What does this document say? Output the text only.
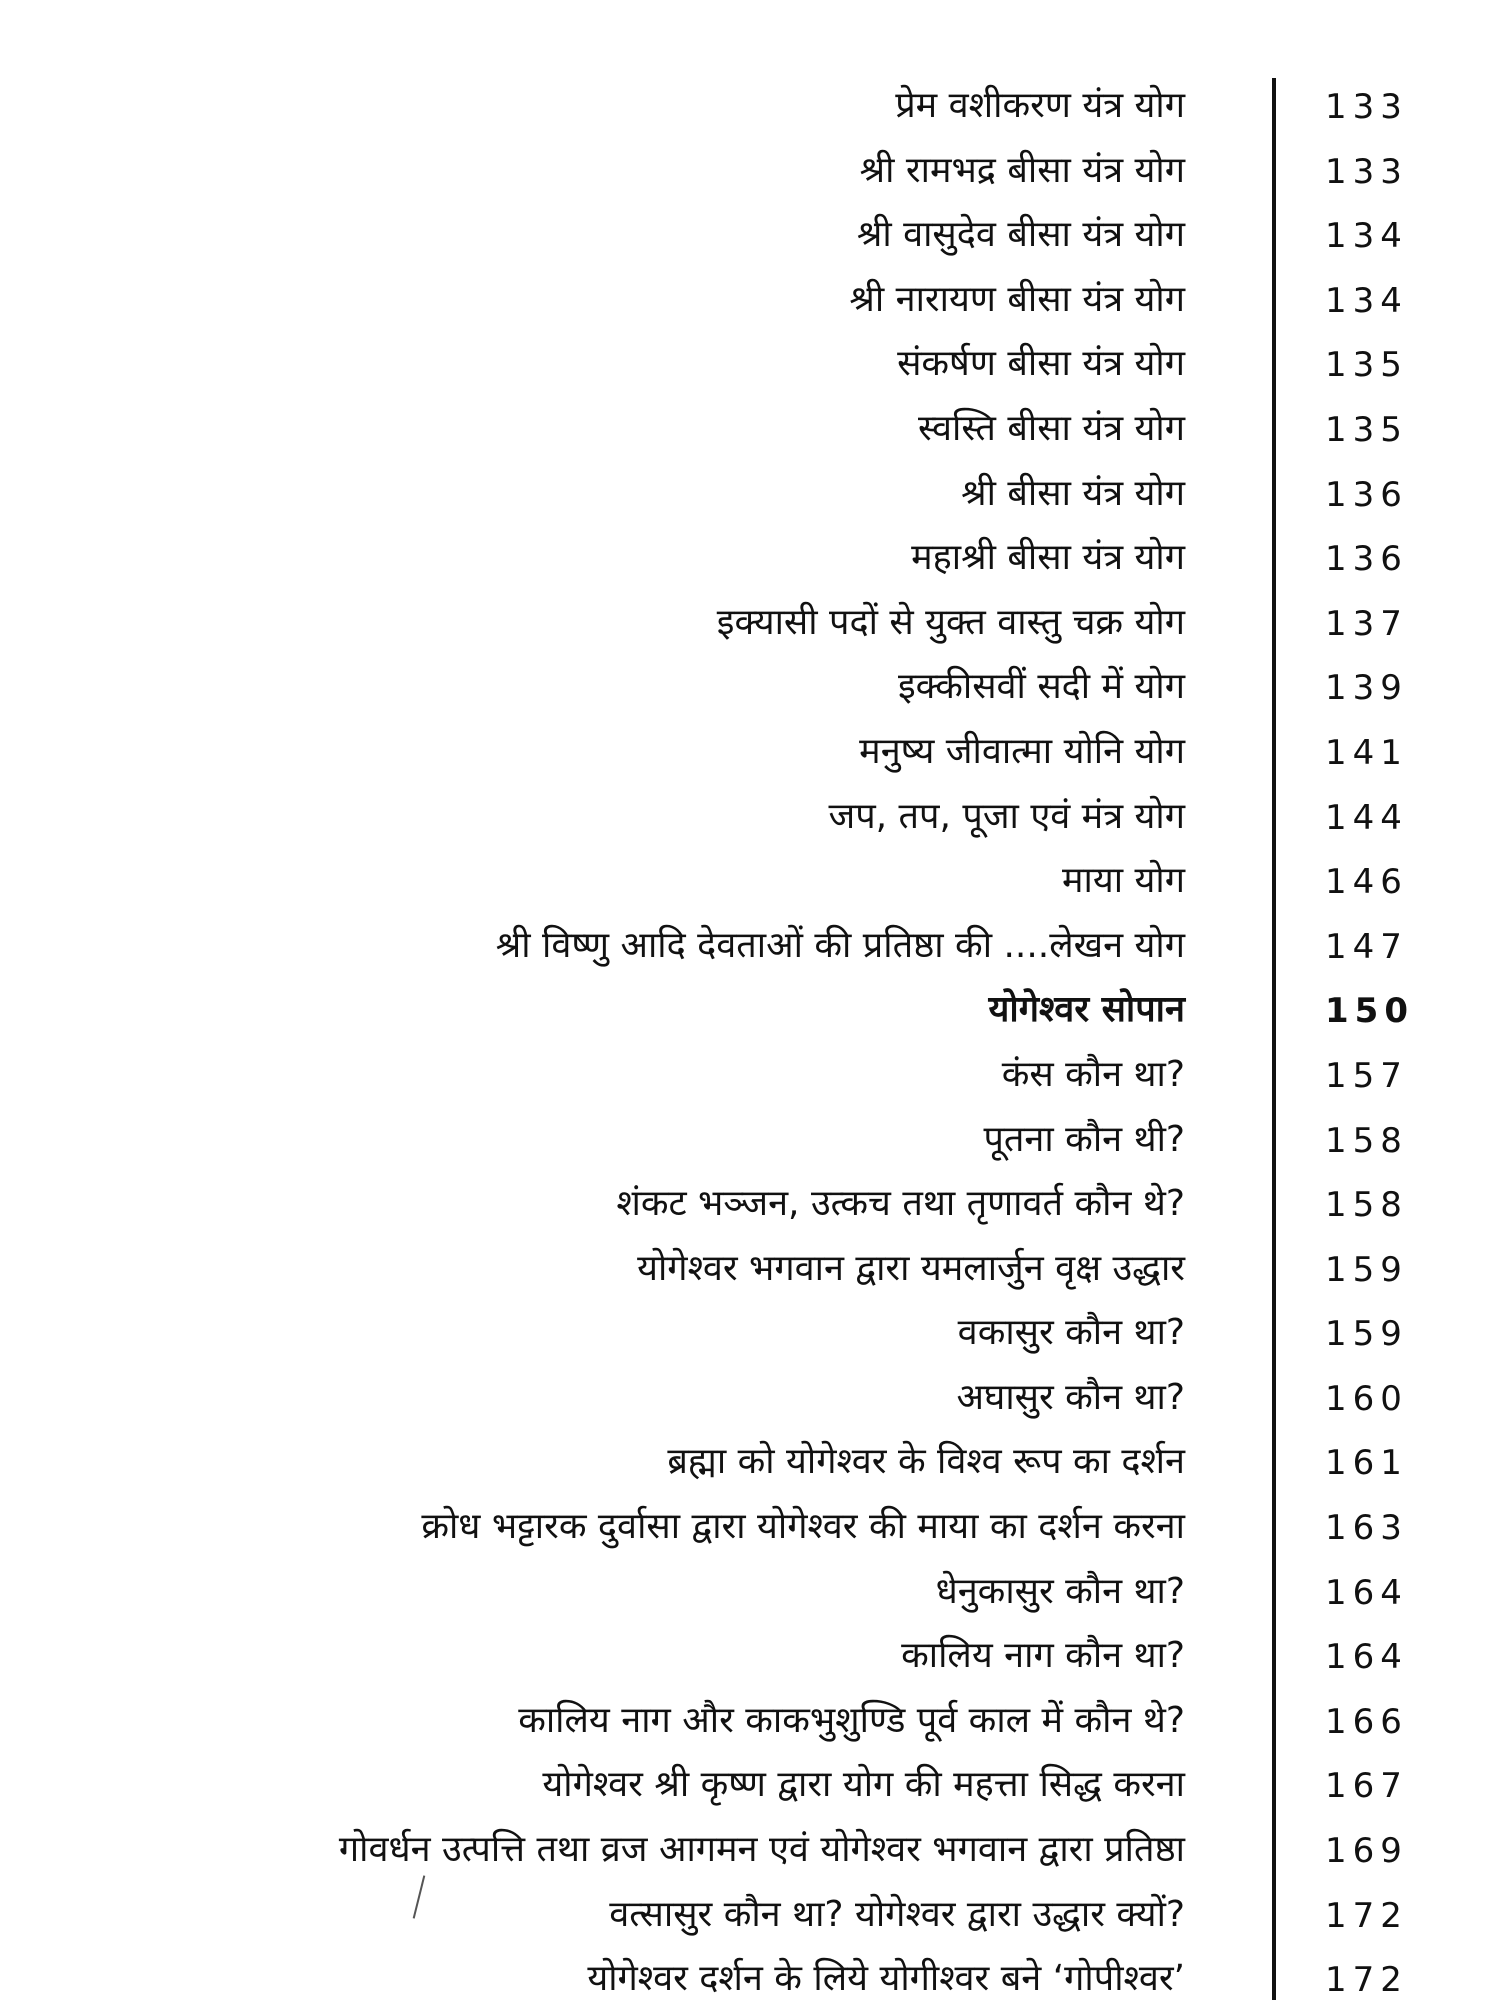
प्रेम वशीकरण यंत्र योग	133
श्री रामभद्र बीसा यंत्र योग	133
श्री वासुदेव बीसा यंत्र योग	134
श्री नारायण बीसा यंत्र योग	134
संकर्षण बीसा यंत्र योग	135
स्वस्ति बीसा यंत्र योग	135
श्री बीसा यंत्र योग	136
महाश्री बीसा यंत्र योग	136
इक्यासी पदों से युक्त वास्तु चक्र योग	137
इक्कीसवीं सदी में योग	139
मनुष्य जीवात्मा योनि योग	141
जप, तप, पूजा एवं मंत्र योग	144
माया योग	146
श्री विष्णु आदि देवताओं की प्रतिष्ठा की ....लेखन योग	147
योगेश्वर सोपान	150
कंस कौन था?	157
पूतना कौन थी?	158
शंकट भञ्जन, उत्कच तथा तृणावर्त कौन थे?	158
योगेश्वर भगवान द्वारा यमलार्जुन वृक्ष उद्धार	159
वकासुर कौन था?	159
अघासुर कौन था?	160
ब्रह्मा को योगेश्वर के विश्व रूप का दर्शन	161
क्रोध भट्टारक दुर्वासा द्वारा योगेश्वर की माया का दर्शन करना	163
धेनुकासुर कौन था?	164
कालिय नाग कौन था?	164
कालिय नाग और काकभुशुण्डि पूर्व काल में कौन थे?	166
योगेश्वर श्री कृष्ण द्वारा योग की महत्ता सिद्ध करना	167
गोवर्धन उत्पत्ति तथा व्रज आगमन एवं योगेश्वर भगवान द्वारा प्रतिष्ठा	169
वत्सासुर कौन था? योगेश्वर द्वारा उद्धार क्यों?	172
योगेश्वर दर्शन के लिये योगीश्वर बने ‘गोपीश्वर’	172
